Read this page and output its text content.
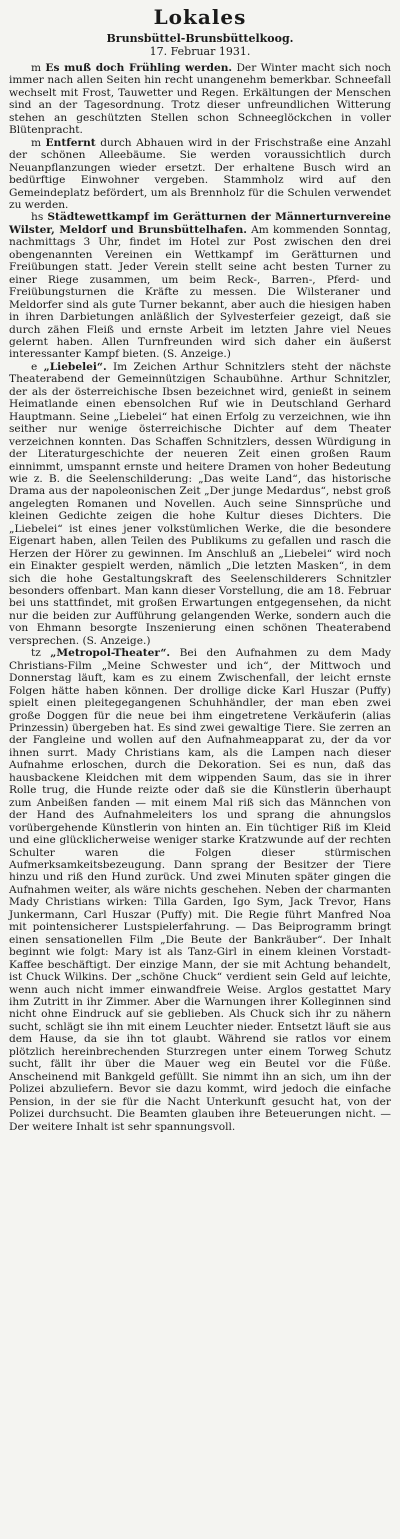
Lokales
Brunsbüttel-Brunsbüttelkoog.
17. Februar 1931.

m Es muß doch Frühling werden. Der Winter macht sich noch immer nach allen Seiten hin recht unangenehm bemerkbar. Schneefall wechselt mit Frost, Tauwetter und Regen. Erkältungen der Menschen sind an der Tagesordnung. Trotz dieser unfreundlichen Witterung stehen an geschützten Stellen schon Schneeglöckchen in voller Blütenpracht.

m Entfernt durch Abhauen wird in der Frischstraße eine Anzahl der schönen Alleebäume. Sie werden voraussichtlich durch Neuanpflanzungen wieder ersetzt. Der erhaltene Busch wird an bedürftige Einwohner vergeben. Stammholz wird auf den Gemeindeplatz befördert, um als Brennholz für die Schulen verwendet zu werden.

hs Städtewettkampf im Gerätturnen der Männerturnvereine Wilster, Meldorf und Brunsbüttelhafen. Am kommenden Sonntag, nachmittags 3 Uhr, findet im Hotel zur Post zwischen den drei obengenannten Vereinen ein Wettkampf im Gerätturnen und Freiübungen statt. Jeder Verein stellt seine acht besten Turner zu einer Riege zusammen, um beim Reck-, Barren-, Pferd- und Freiübungsturnen die Kräfte zu messen. Die Wilsteraner und Meldorfer sind als gute Turner bekannt, aber auch die hiesigen haben in ihren Darbietungen anläßlich der Sylvesterfeier gezeigt, daß sie durch zähen Fleiß und ernste Arbeit im letzten Jahre viel Neues gelernt haben. Allen Turnfreunden wird sich daher ein äußerst interessanter Kampf bieten. (S. Anzeige.)

e „Liebelei“. Im Zeichen Arthur Schnitzlers steht der nächste Theaterabend der Gemeinnützigen Schaubühne. Arthur Schnitzler, der als der österreichische Ibsen bezeichnet wird, genießt in seinem Heimatlande einen ebensolchen Ruf wie in Deutschland Gerhard Hauptmann. Seine „Liebelei“ hat einen Erfolg zu verzeichnen, wie ihn seither nur wenige österreichische Dichter auf dem Theater verzeichnen konnten. Das Schaffen Schnitzlers, dessen Würdigung in der Literaturgeschichte der neueren Zeit einen großen Raum einnimmt, umspannt ernste und heitere Dramen von hoher Bedeutung wie z. B. die Seelenschilderung: „Das weite Land“, das historische Drama aus der napoleonischen Zeit „Der junge Medardus“, nebst groß angelegten Romanen und Novellen. Auch seine Sinnsprüche und kleinen Gedichte zeigen die hohe Kultur dieses Dichters. Die „Liebelei“ ist eines jener volkstümlichen Werke, die die besondere Eigenart haben, allen Teilen des Publikums zu gefallen und rasch die Herzen der Hörer zu gewinnen. Im Anschluß an „Liebelei“ wird noch ein Einakter gespielt werden, nämlich „Die letzten Masken“, in dem sich die hohe Gestaltungskraft des Seelenschilderers Schnitzler besonders offenbart. Man kann dieser Vorstellung, die am 18. Februar bei uns stattfindet, mit großen Erwartungen entgegensehen, da nicht nur die beiden zur Aufführung gelangenden Werke, sondern auch die von Ehmann besorgte Inszenierung einen schönen Theaterabend versprechen. (S. Anzeige.)

tz „Metropol-Theater“. Bei den Aufnahmen zu dem Mady Christians-Film „Meine Schwester und ich“, der Mittwoch und Donnerstag läuft, kam es zu einem Zwischenfall, der leicht ernste Folgen hätte haben können. Der drollige dicke Karl Huszar (Puffy) spielt einen pleitegegangenen Schuhhändler, der man eben zwei große Doggen für die neue bei ihm eingetretene Verkäuferin (alias Prinzessin) übergeben hat. Es sind zwei gewaltige Tiere. Sie zerren an der Fangleine und wollen auf den Aufnahmeapparat zu, der da vor ihnen surrt. Mady Christians kam, als die Lampen nach dieser Aufnahme erloschen, durch die Dekoration. Sei es nun, daß das hausbackene Kleidchen mit dem wippenden Saum, das sie in ihrer Rolle trug, die Hunde reizte oder daß sie die Künstlerin überhaupt zum Anbeißen fanden — mit einem Mal riß sich das Männchen von der Hand des Aufnahmeleiters los und sprang die ahnungslos vorübergehende Künstlerin von hinten an. Ein tüchtiger Riß im Kleid und eine glücklicherweise weniger starke Kratzwunde auf der rechten Schulter waren die Folgen dieser stürmischen Aufmerksamkeitsbezeugung. Dann sprang der Besitzer der Tiere hinzu und riß den Hund zurück. Und zwei Minuten später gingen die Aufnahmen weiter, als wäre nichts geschehen. Neben der charmanten Mady Christians wirken: Tilla Garden, Igo Sym, Jack Trevor, Hans Junkermann, Carl Huszar (Puffy) mit. Die Regie führt Manfred Noa mit pointensicherer Lustspielerfahrung. — Das Beiprogramm bringt einen sensationellen Film „Die Beute der Bankräuber“. Der Inhalt beginnt wie folgt: Mary ist als Tanz-Girl in einem kleinen Vorstadt-Kaffee beschäftigt. Der einzige Mann, der sie mit Achtung behandelt, ist Chuck Wilkins. Der „schöne Chuck“ verdient sein Geld auf leichte, wenn auch nicht immer einwandfreie Weise. Arglos gestattet Mary ihm Zutritt in ihr Zimmer. Aber die Warnungen ihrer Kolleginnen sind nicht ohne Eindruck auf sie geblieben. Als Chuck sich ihr zu nähern sucht, schlägt sie ihn mit einem Leuchter nieder. Entsetzt läuft sie aus dem Hause, da sie ihn tot glaubt. Während sie ratlos vor einem plötzlich hereinbrechenden Sturzregen unter einem Torweg Schutz sucht, fällt ihr über die Mauer weg ein Beutel vor die Füße. Anscheinend mit Bankgeld gefüllt. Sie nimmt ihn an sich, um ihn der Polizei abzuliefern. Bevor sie dazu kommt, wird jedoch die einfache Pension, in der sie für die Nacht Unterkunft gesucht hat, von der Polizei durchsucht. Die Beamten glauben ihre Beteuerungen nicht. — Der weitere Inhalt ist sehr spannungsvoll.
